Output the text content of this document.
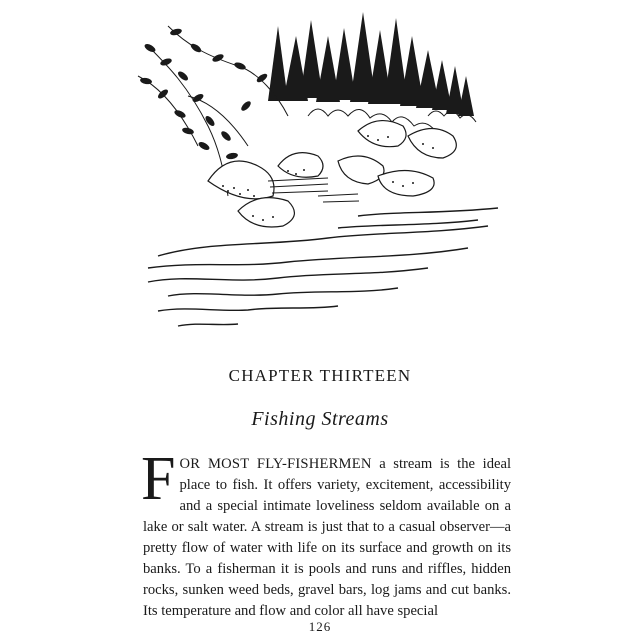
CHAPTER THIRTEEN
Fishing Streams

FOR MOST FLY-FISHERMEN a stream is the ideal place to fish. It offers variety, excitement, accessibility and a special intimate loveliness seldom available on a lake or salt water. A stream is just that to a casual observer—a pretty flow of water with life on its surface and growth on its banks. To a fisherman it is pools and runs and riffles, hidden rocks, sunken weed beds, gravel bars, log jams and cut banks. Its temperature and flow and color all have special

126
